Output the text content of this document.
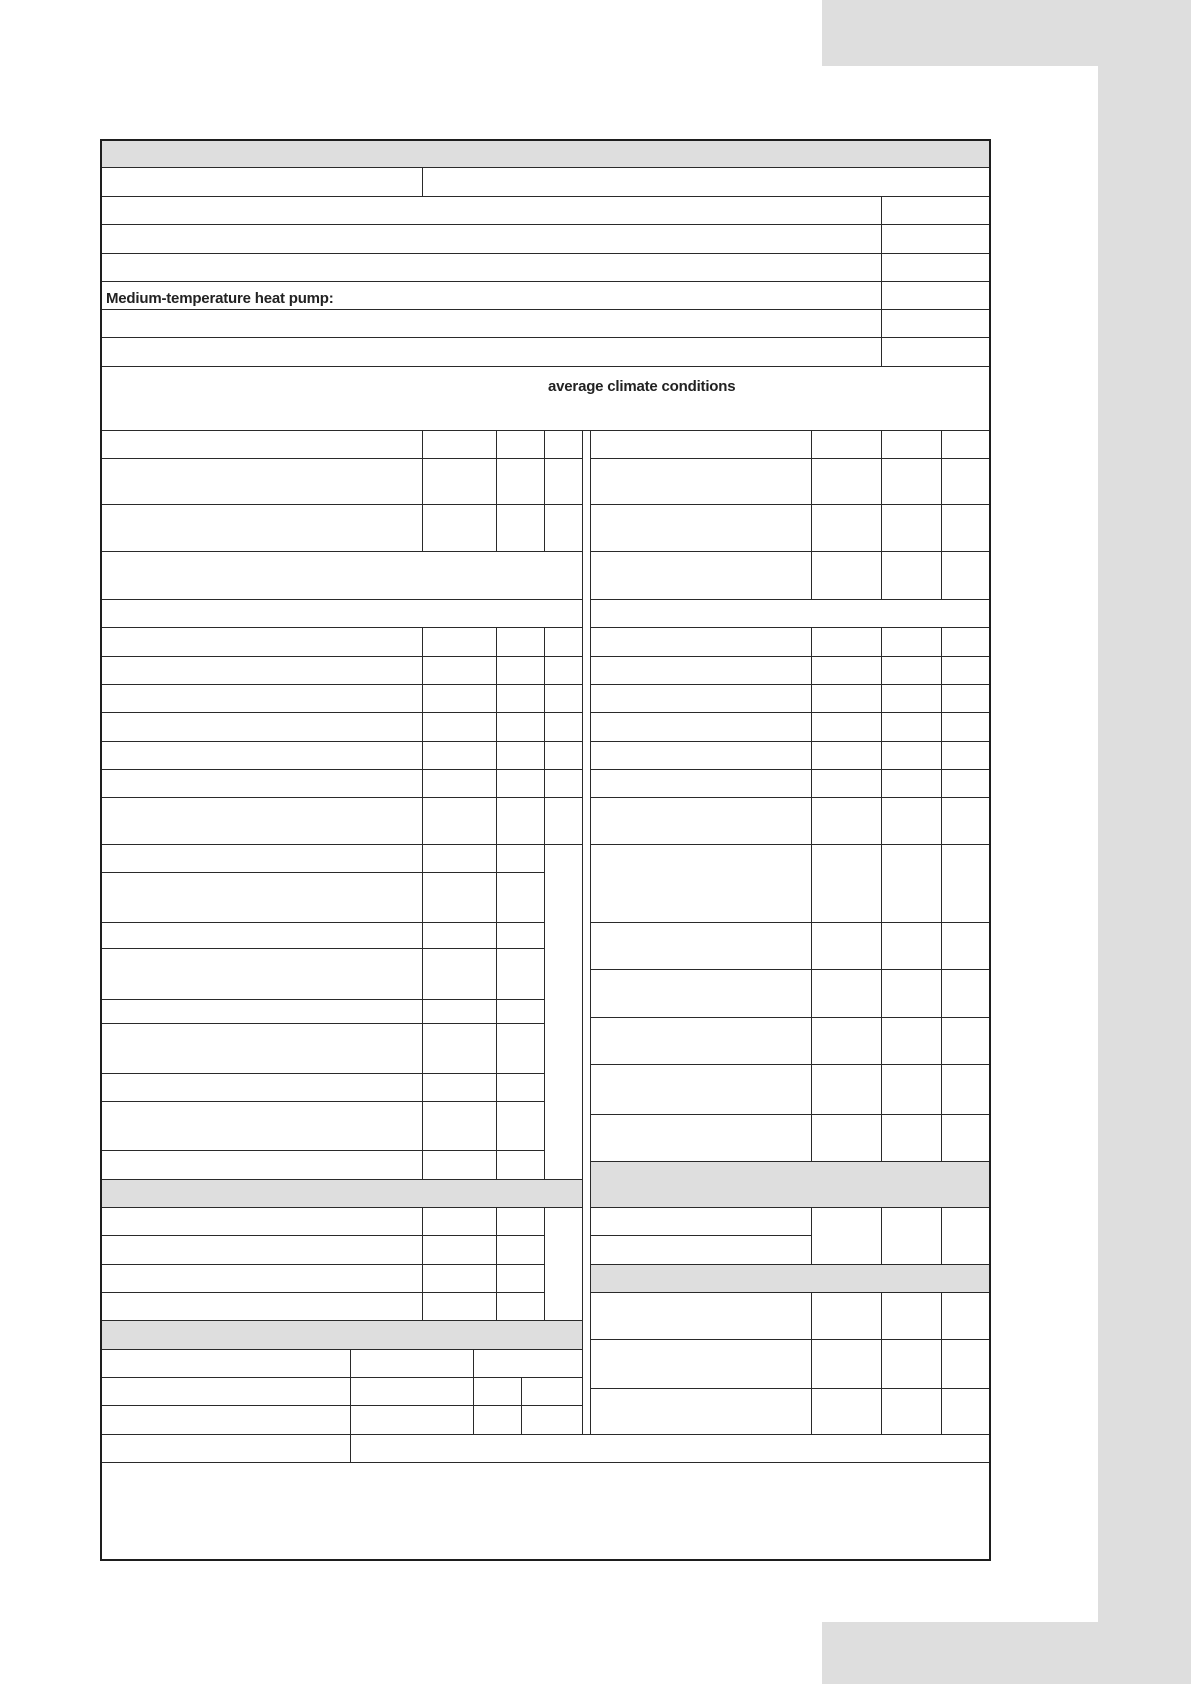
Medium-temperature heat pump:
average climate conditions
